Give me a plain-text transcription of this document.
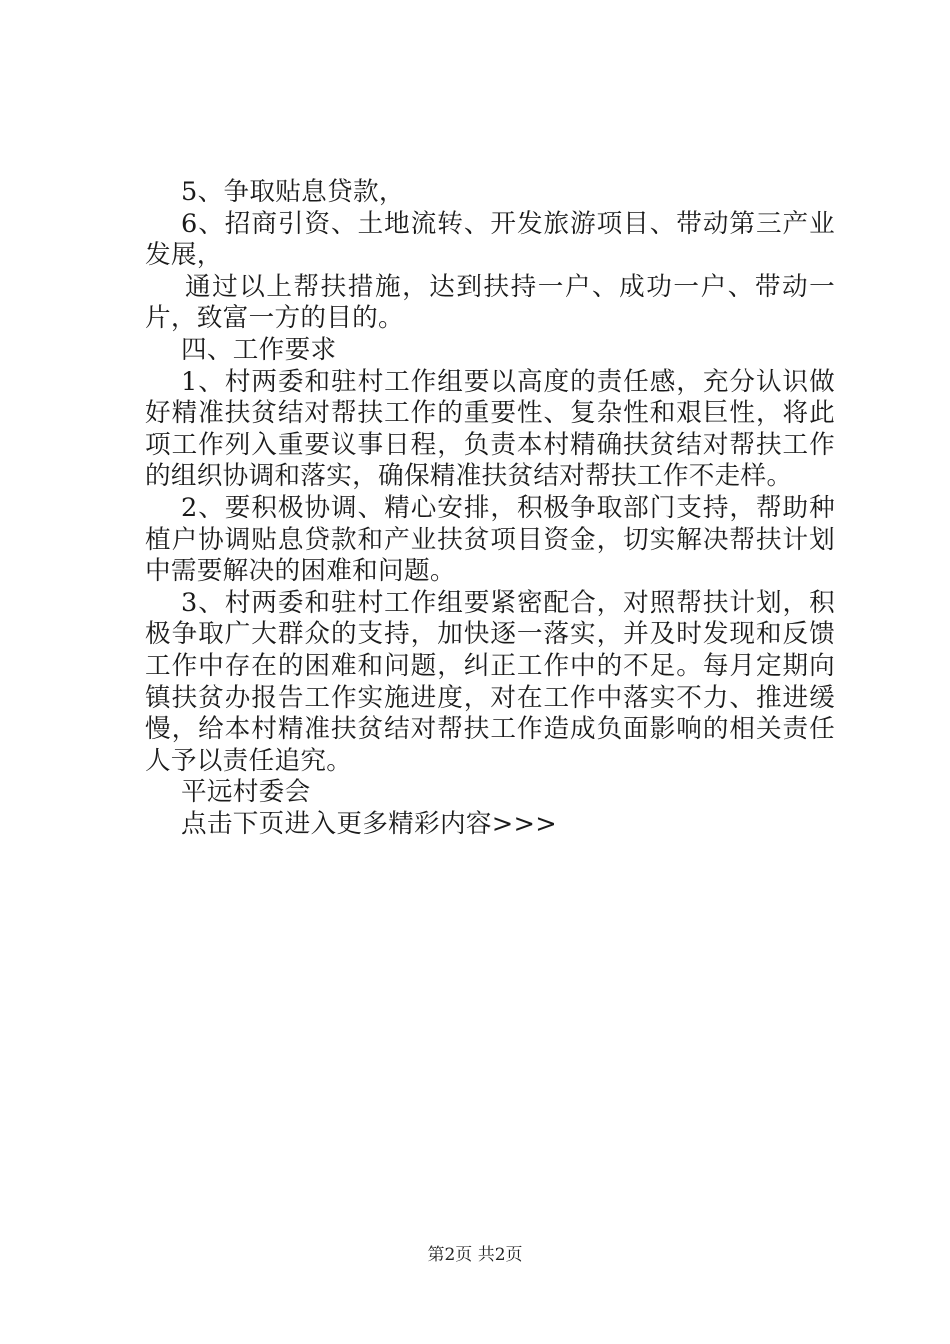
5、争取贴息贷款，

6、招商引资、土地流转、开发旅游项目、带动第三产业发展，

通过以上帮扶措施，达到扶持一户、成功一户、带动一片，致富一方的目的。

四、工作要求

1、村两委和驻村工作组要以高度的责任感，充分认识做好精准扶贫结对帮扶工作的重要性、复杂性和艰巨性，将此项工作列入重要议事日程，负责本村精确扶贫结对帮扶工作的组织协调和落实，确保精准扶贫结对帮扶工作不走样。

2、要积极协调、精心安排，积极争取部门支持，帮助种植户协调贴息贷款和产业扶贫项目资金，切实解决帮扶计划中需要解决的困难和问题。

3、村两委和驻村工作组要紧密配合，对照帮扶计划，积极争取广大群众的支持，加快逐一落实，并及时发现和反馈工作中存在的困难和问题，纠正工作中的不足。每月定期向镇扶贫办报告工作实施进度，对在工作中落实不力、推进缓慢，给本村精准扶贫结对帮扶工作造成负面影响的相关责任人予以责任追究。

平远村委会

点击下页进入更多精彩内容>>>

第2页 共2页
